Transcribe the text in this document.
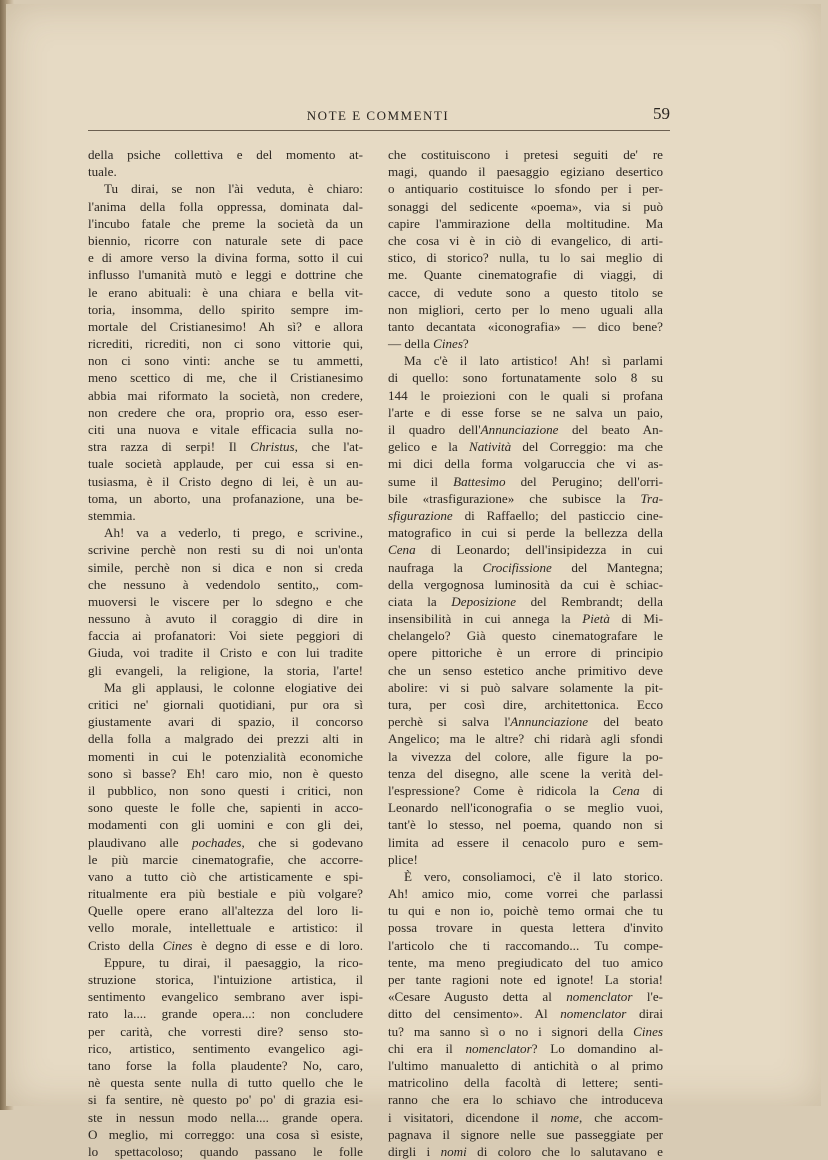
NOTE E COMMENTI	59
della psiche collettiva e del momento at-
tuale.
Tu dirai, se non l'ài veduta, è chiaro:
l'anima della folla oppressa, dominata dal-
l'incubo fatale che preme la società da un
biennio, ricorre con naturale sete di pace
e di amore verso la divina forma, sotto il cui
influsso l'umanità mutò e leggi e dottrine che
le erano abituali: è una chiara e bella vit-
toria, insomma, dello spirito sempre im-
mortale del Cristianesimo! Ah sì? e allora
ricrediti, ricrediti, non ci sono vittorie qui,
non ci sono vinti: anche se tu ammetti,
meno scettico di me, che il Cristianesimo
abbia mai riformato la società, non credere,
non credere che ora, proprio ora, esso eser-
citi una nuova e vitale efficacia sulla no-
stra razza di serpi! Il Christus, che l'at-
tuale società applaude, per cui essa si en-
tusiasma, è il Cristo degno di lei, è un au-
toma, un aborto, una profanazione, una be-
stemmia.
Ah! va a vederlo, ti prego, e scrivine.,
scrivine perchè non resti su di noi un'onta
simile, perchè non si dica e non si creda
che nessuno à vedendolo sentito,, com-
muoversi le viscere per lo sdegno e che
nessuno à avuto il coraggio di dire in
faccia ai profanatori: Voi siete peggiori di
Giuda, voi tradite il Cristo e con lui tradite
gli evangeli, la religione, la storia, l'arte!
Ma gli applausi, le colonne elogiative dei
critici ne' giornali quotidiani, pur ora sì
giustamente avari di spazio, il concorso
della folla a malgrado dei prezzi alti in
momenti in cui le potenzialità economiche
sono sì basse? Eh! caro mio, non è questo
il pubblico, non sono questi i critici, non
sono queste le folle che, sapienti in acco-
modamenti con gli uomini e con gli dei,
plaudivano alle pochades, che si godevano
le più marcie cinematografie, che accorre-
vano a tutto ciò che artisticamente e spi-
ritualmente era più bestiale e più volgare?
Quelle opere erano all'altezza del loro li-
vello morale, intellettuale e artistico: il
Cristo della Cines è degno di esse e di loro.
Eppure, tu dirai, il paesaggio, la rico-
struzione storica, l'intuizione artistica, il
sentimento evangelico sembrano aver ispi-
rato la.... grande opera...: non concludere
per carità, che vorresti dire? senso sto-
rico, artistico, sentimento evangelico agi-
tano forse la folla plaudente? No, caro,
nè questa sente nulla di tutto quello che le
si fa sentire, nè questo po' po' di grazia esi-
ste in nessun modo nella.... grande opera.
O meglio, mi correggo: una cosa sì esiste,
lo spettacoloso; quando passano le folle
che costituiscono i pretesi seguiti de' re
magi, quando il paesaggio egiziano desertico
o antiquario costituisce lo sfondo per i per-
sonaggi del sedicente «poema», via si può
capire l'ammirazione della moltitudine. Ma
che cosa vi è in ciò di evangelico, di arti-
stico, di storico? nulla, tu lo sai meglio di
me. Quante cinematografie di viaggi, di
cacce, di vedute sono a questo titolo se
non migliori, certo per lo meno uguali alla
tanto decantata «iconografia» — dico bene?
— della Cines?
Ma c'è il lato artistico! Ah! sì parlami
di quello: sono fortunatamente solo 8 su
144 le proiezioni con le quali si profana
l'arte e di esse forse se ne salva un paio,
il quadro dell'Annunciazione del beato An-
gelico e la Natività del Correggio: ma che
mi dici della forma volgaruccia che vi as-
sume il Battesimo del Perugino; dell'orri-
bile «trasfigurazione» che subisce la Tra-
sfigurazione di Raffaello; del pasticcio cine-
matografico in cui si perde la bellezza della
Cena di Leonardo; dell'insipidezza in cui
naufraga la Crocifissione del Mantegna;
della vergognosa luminosità da cui è schiac-
ciata la Deposizione del Rembrandt; della
insensibilità in cui annega la Pietà di Mi-
chelangelo? Già questo cinematografare le
opere pittoriche è un errore di principio
che un senso estetico anche primitivo deve
abolire: vi si può salvare solamente la pit-
tura, per così dire, architettonica. Ecco
perchè si salva l'Annunciazione del beato
Angelico; ma le altre? chi ridarà agli sfondi
la vivezza del colore, alle figure la po-
tenza del disegno, alle scene la verità del-
l'espressione? Come è ridicola la Cena di
Leonardo nell'iconografia o se meglio vuoi,
tant'è lo stesso, nel poema, quando non si
limita ad essere il cenacolo puro e sem-
plice!
È vero, consoliamoci, c'è il lato storico.
Ah! amico mio, come vorrei che parlassi
tu qui e non io, poichè temo ormai che tu
possa trovare in questa lettera d'invito
l'articolo che ti raccomando... Tu compe-
tente, ma meno pregiudicato del tuo amico
per tante ragioni note ed ignote! La storia!
«Cesare Augusto detta al nomenclator l'e-
ditto del censimento». Al nomenclator dirai
tu? ma sanno sì o no i signori della Cines
chi era il nomenclator? Lo domandino al-
l'ultimo manualetto di antichità o al primo
matricolino della facoltà di lettere; senti-
ranno che era lo schiavo che introduceva
i visitatori, dicendone il nome, che accom-
pagnava il signore nelle sue passeggiate per
dirgli i nomi di coloro che lo salutavano e
